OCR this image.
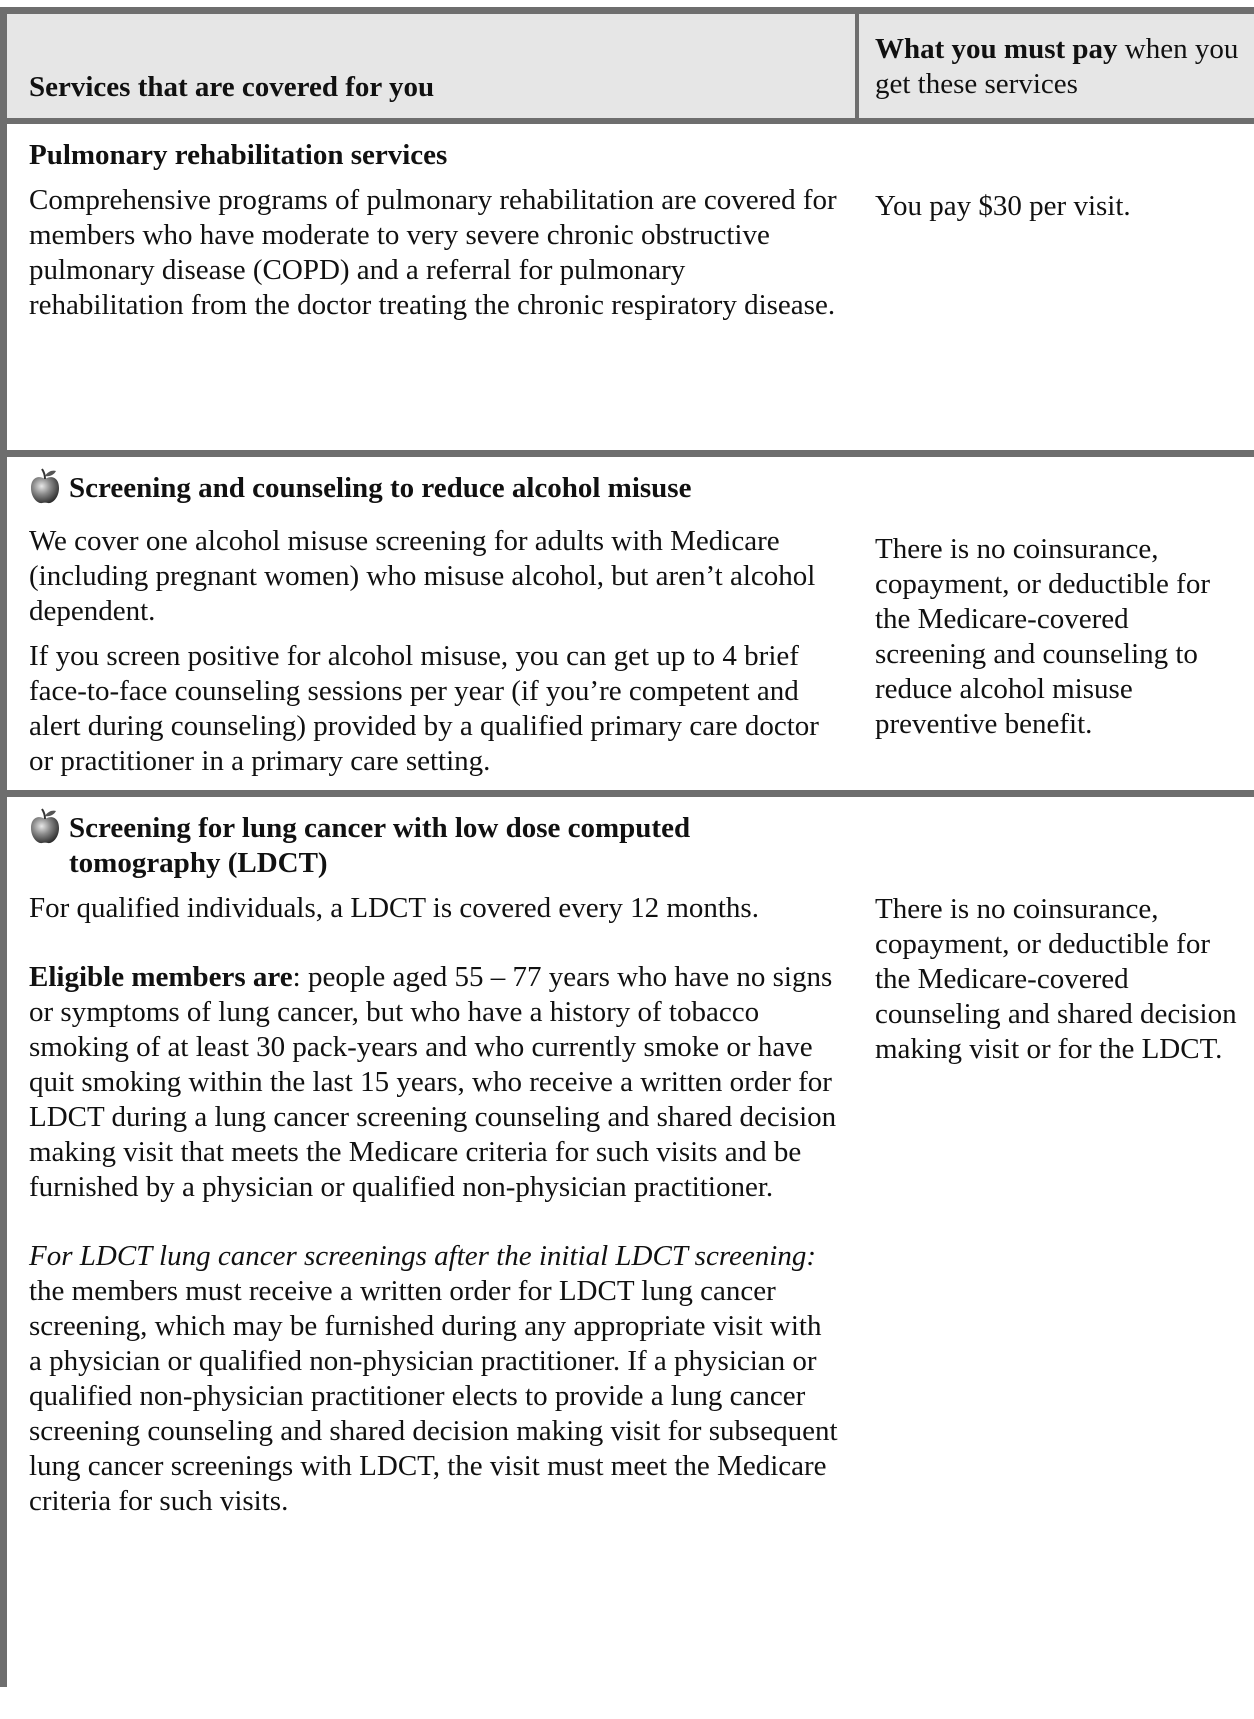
Services that are covered for you
What you must pay when you get these services
Pulmonary rehabilitation services

Comprehensive programs of pulmonary rehabilitation are covered for members who have moderate to very severe chronic obstructive pulmonary disease (COPD) and a referral for pulmonary rehabilitation from the doctor treating the chronic respiratory disease.

You pay $30 per visit.
Screening and counseling to reduce alcohol misuse

We cover one alcohol misuse screening for adults with Medicare (including pregnant women) who misuse alcohol, but aren’t alcohol dependent.

If you screen positive for alcohol misuse, you can get up to 4 brief face-to-face counseling sessions per year (if you’re competent and alert during counseling) provided by a qualified primary care doctor or practitioner in a primary care setting.

There is no coinsurance, copayment, or deductible for the Medicare-covered screening and counseling to reduce alcohol misuse preventive benefit.
Screening for lung cancer with low dose computed tomography (LDCT)

For qualified individuals, a LDCT is covered every 12 months.

Eligible members are: people aged 55 – 77 years who have no signs or symptoms of lung cancer, but who have a history of tobacco smoking of at least 30 pack-years and who currently smoke or have quit smoking within the last 15 years, who receive a written order for LDCT during a lung cancer screening counseling and shared decision making visit that meets the Medicare criteria for such visits and be furnished by a physician or qualified non-physician practitioner.

For LDCT lung cancer screenings after the initial LDCT screening: the members must receive a written order for LDCT lung cancer screening, which may be furnished during any appropriate visit with a physician or qualified non-physician practitioner. If a physician or qualified non-physician practitioner elects to provide a lung cancer screening counseling and shared decision making visit for subsequent lung cancer screenings with LDCT, the visit must meet the Medicare criteria for such visits.

There is no coinsurance, copayment, or deductible for the Medicare-covered counseling and shared decision making visit or for the LDCT.
